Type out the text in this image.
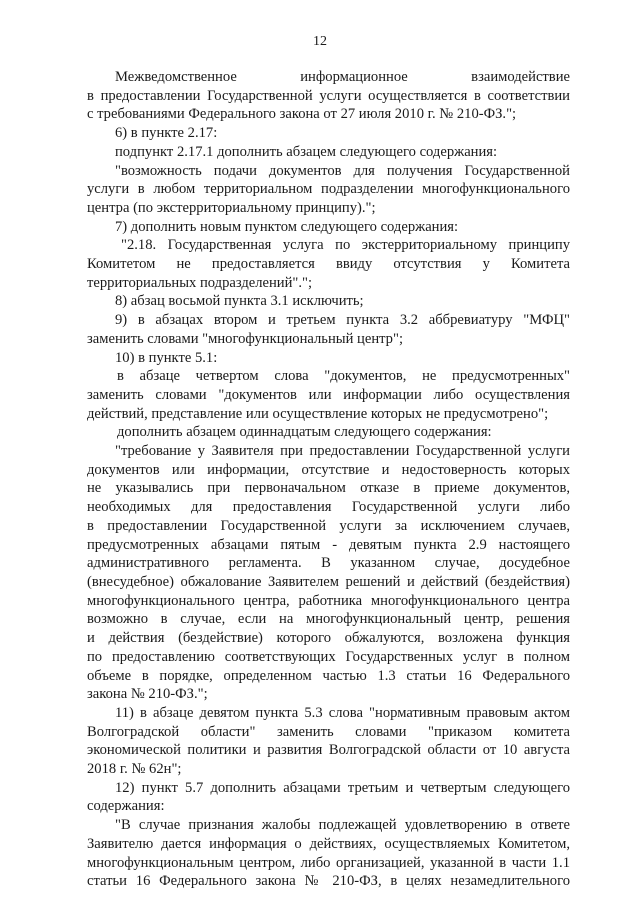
12
Межведомственное информационное взаимодействие
в предоставлении Государственной услуги осуществляется в соответствии
с требованиями Федерального закона от 27 июля 2010 г. № 210-ФЗ.";
6) в пункте 2.17:
подпункт 2.17.1 дополнить абзацем следующего содержания:
"возможность подачи документов для получения Государственной
услуги в любом территориальном подразделении многофункционального
центра (по экстерриториальному принципу).";
7) дополнить новым пунктом следующего содержания:
"2.18. Государственная услуга по экстерриториальному принципу
Комитетом не предоставляется ввиду отсутствия у Комитета
территориальных подразделений".";
8) абзац восьмой пункта 3.1 исключить;
9) в абзацах втором и третьем пункта 3.2 аббревиатуру "МФЦ"
заменить словами "многофункциональный центр";
10) в пункте 5.1:
в абзаце четвертом слова "документов, не предусмотренных"
заменить словами "документов или информации либо осуществления
действий, представление или осуществление которых не предусмотрено";
дополнить абзацем одиннадцатым следующего содержания:
"требование у Заявителя при предоставлении Государственной услуги
документов или информации, отсутствие и недостоверность которых
не указывались при первоначальном отказе в приеме документов,
необходимых для предоставления Государственной услуги либо
в предоставлении Государственной услуги за исключением случаев,
предусмотренных абзацами пятым - девятым пункта 2.9 настоящего
административного регламента. В указанном случае, досудебное
(внесудебное) обжалование Заявителем решений и действий (бездействия)
многофункционального центра, работника многофункционального центра
возможно в случае, если на многофункциональный центр, решения
и действия (бездействие) которого обжалуются, возложена функция
по предоставлению соответствующих Государственных услуг в полном
объеме в порядке, определенном частью 1.3 статьи 16 Федерального
закона № 210-ФЗ.";
11) в абзаце девятом пункта 5.3 слова "нормативным правовым актом
Волгоградской области" заменить словами "приказом комитета
экономической политики и развития Волгоградской области от 10 августа
2018 г. № 62н";
12) пункт 5.7 дополнить абзацами третьим и четвертым следующего
содержания:
"В случае признания жалобы подлежащей удовлетворению в ответе
Заявителю дается информация о действиях, осуществляемых Комитетом,
многофункциональным центром, либо организацией, указанной в части 1.1
статьи 16 Федерального закона № 210-ФЗ, в целях незамедлительного
